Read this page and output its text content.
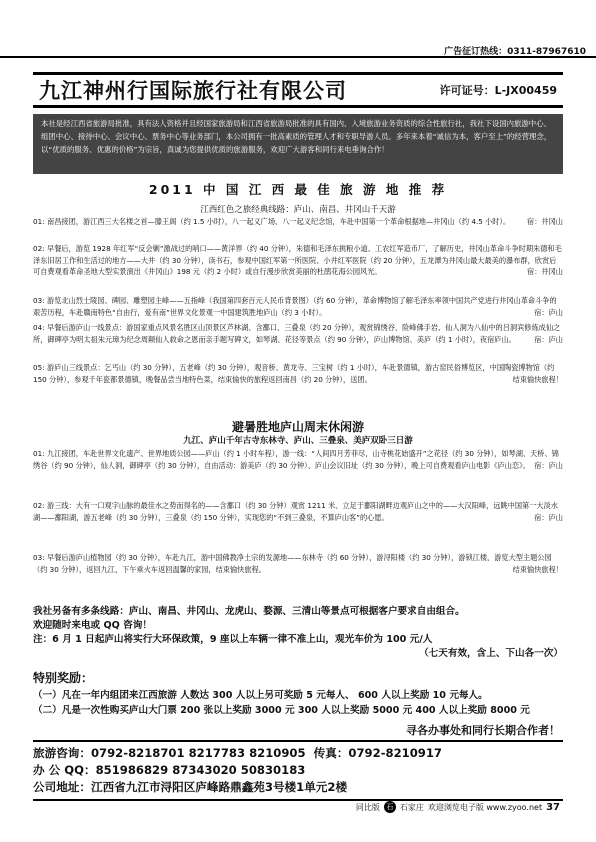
广告征订热线：0311-87967610
九江神州行国际旅行社有限公司	许可证号：L-JX00459
本社是经江西省旅游局批准，具有法人资格并且经国家旅游局和江西省旅游局批准的具有国内、入境旅游业务资质的综合性旅行社，我社下设国内旅游中心、组团中心、接待中心、会议中心、票务中心等业务部门，本公司拥有一批高素质的管理人才和专职导游人员。多年来本着“诚信为本，客户至上”的经营理念，以“优质的服务、优惠的价格”为宗旨，真诚为您提供优质的旅游服务，欢迎广大游客和同行来电垂询合作！
2011 中 国 江 西 最 佳 旅 游 地 推 荐
江西红色之旅经典线路：庐山、南昌、井冈山千天游
01: 南昌接团，游江西三大名楼之首—滕王阁（约 1.5 小时），八一起义广场、八一起义纪念馆，车赴中国第一个革命根据地—井冈山（约 4.5 小时）。 宿：井冈山
02: 早餐后，游览 1928 年红军“反会剿”激战过的哨口——黄洋界（约 40 分钟），朱德和毛泽东挑粮小道、工农红军造币厂，了解历史，井冈山革命斗争时期朱德和毛泽东旧居工作和生活过的地方——大井（约 30 分钟），读书石，参观中国红军第一所医院、小井红军医院（约 20 分钟），五龙潭为井冈山最大最美的瀑布群，欣赏后可自费观看革命圣地大型实景演出《井冈山》198 元（约 2 小时）或自行漫步欣赏美丽的杜鹃花海公园风光。	宿：井冈山
03: 游览北山烈士陵园、碑园、雕塑园主峰——五指峰（我国第四套百元人民币背景图）（约 60 分钟），革命博物馆了解毛泽东率领中国共产党进行井冈山革命斗争的艰苦历程，车赴赣南特色“自由行，爱有南”世界文化景观一中国建筑胜地庐山（约 3 小时）。	宿：庐山
04: 早餐后游庐山一线景点：游国家重点风景名胜区山顶景区芦林湖、含鄱口、三叠泉（约 20 分钟），观赏锦绣谷、险峰佛手岩、仙人洞为八仙中的吕洞宾修炼成仙之所，御碑亭为明太祖朱元璋为纪念周颠仙人救命之恩而亲手题写碑文，如琴湖、花径等景点（约 90 分钟），庐山博物馆、美庐（约 1 小时），夜宿庐山。	宿：庐山
05: 游庐山三线景点：乞丐山（约 30 分钟），五老峰（约 30 分钟），观音桥、黄龙寺、三宝树（约 1 小时），车赴景德镇，游古窑民俗博览区，中国陶瓷博物馆（约 150 分钟），参观千年瓷都景德镇，晚餐品尝当地特色菜，结束愉快的旅程返回南昌（约 20 分钟），送团。	结束愉快旅程！
避暑胜地庐山周末休闲游
九江、庐山千年古寺东林寺、庐山、三叠泉、美庐双卧三日游
01: 九江接团，车赴世界文化遗产、世界地质公园——庐山（约 1 小时车程），游一线：“人间四月芳菲尽，山寺桃花始盛开”之花径（约 30 分钟），如琴湖、天桥、锦绣谷（约 90 分钟），仙人洞，御碑亭（约 30 分钟），自由活动：游美庐（约 30 分钟）、庐山会议旧址（约 30 分钟），晚上可自费观看庐山电影《庐山恋》。 宿：庐山
02: 游三线：大有一口观字山脉的最佳水之势而得名的——含鄱口（约 30 分钟）观赏 1211 米、立足于鄱阳湖畔边观庐山之中的——大汉阳峰，远眺中国第一大淡水湖——鄱阳湖，游五老峰（约 30 分钟），三叠泉（约 150 分钟），实现您的“不到三叠泉，不算庐山客”的心愿。	宿：庐山
03: 早餐后游庐山植物园（约 30 分钟），车赴九江，游中国佛教净土宗的发源地——东林寺（约 60 分钟），游浔阳楼（约 30 分钟），游锁江楼，游览大型主题公园（约 30 分钟），返回九江，下午乘火车返回温馨的家园，结束愉快旅程。	结束愉快旅程！
我社另备有多条线路：庐山、南昌、井冈山、龙虎山、婺源、三清山等景点可根据客户要求自由组合。
欢迎随时来电或 QQ 咨询！
注：6 月 1 日起庐山将实行大环保政策，9 座以上车辆一律不准上山，观光车价为 100 元/人
（七天有效，含上、下山各一次）
特别奖励：
（一）凡在一年内组团来江西旅游 人数达 300 人以上另可奖励 5 元每人、 600 人以上奖励 10 元每人。
（二）凡是一次性购买庐山大门票 200 张以上奖励 3000 元 300 人以上奖励 5000 元 400 人以上奖励 8000 元
寻各办事处和同行长期合作者！
旅游咨询：0792-8218701 8217783 8210905 传真：0792-8210917
办 公 QQ：851986829 87343020 50830183
公司地址：江西省九江市浔阳区庐峰路鼎鑫苑3号楼1单元2楼
同比版 石 石家庄 欢迎浏览电子版 www.zyoo.net 37
